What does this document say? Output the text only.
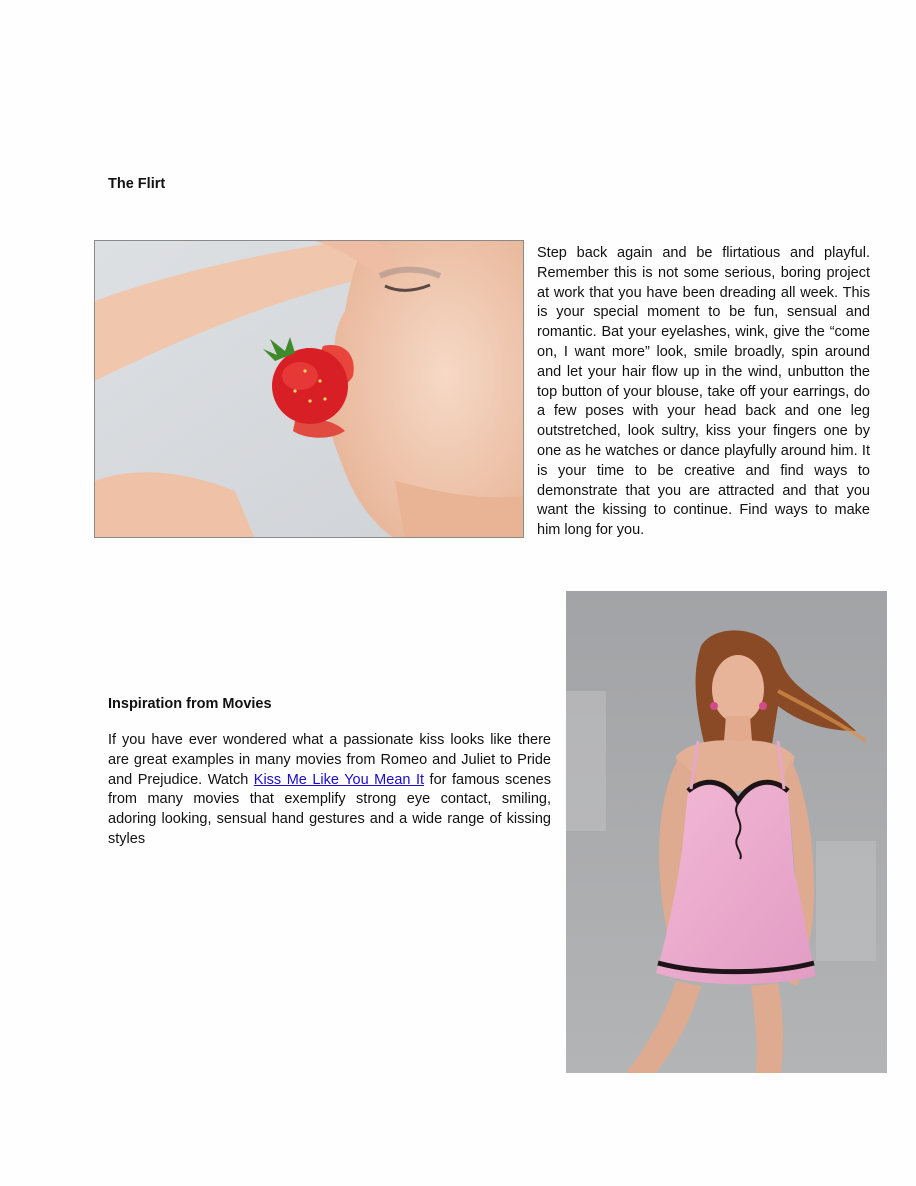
The Flirt

Step back again and be flirtatious and playful. Remember this is not some serious, boring project at work that you have been dreading all week. This is your special moment to be fun, sensual and romantic. Bat your eyelashes, wink, give the “come on, I want more” look, smile broadly, spin around and let your hair flow up in the wind, unbutton the top button of your blouse, take off your earrings, do a few poses with your head back and one leg outstretched, look sultry, kiss your fingers one by one as he watches or dance playfully around him. It is your time to be creative and find ways to demonstrate that you are attracted and that you want the kissing to continue. Find ways to make him long for you.

Inspiration from Movies

If you have ever wondered what a passionate kiss looks like there are great examples in many movies from Romeo and Juliet to Pride and Prejudice. Watch Kiss Me Like You Mean It for famous scenes from many movies that exemplify strong eye contact, smiling, adoring looking, sensual hand gestures and a wide range of kissing styles
